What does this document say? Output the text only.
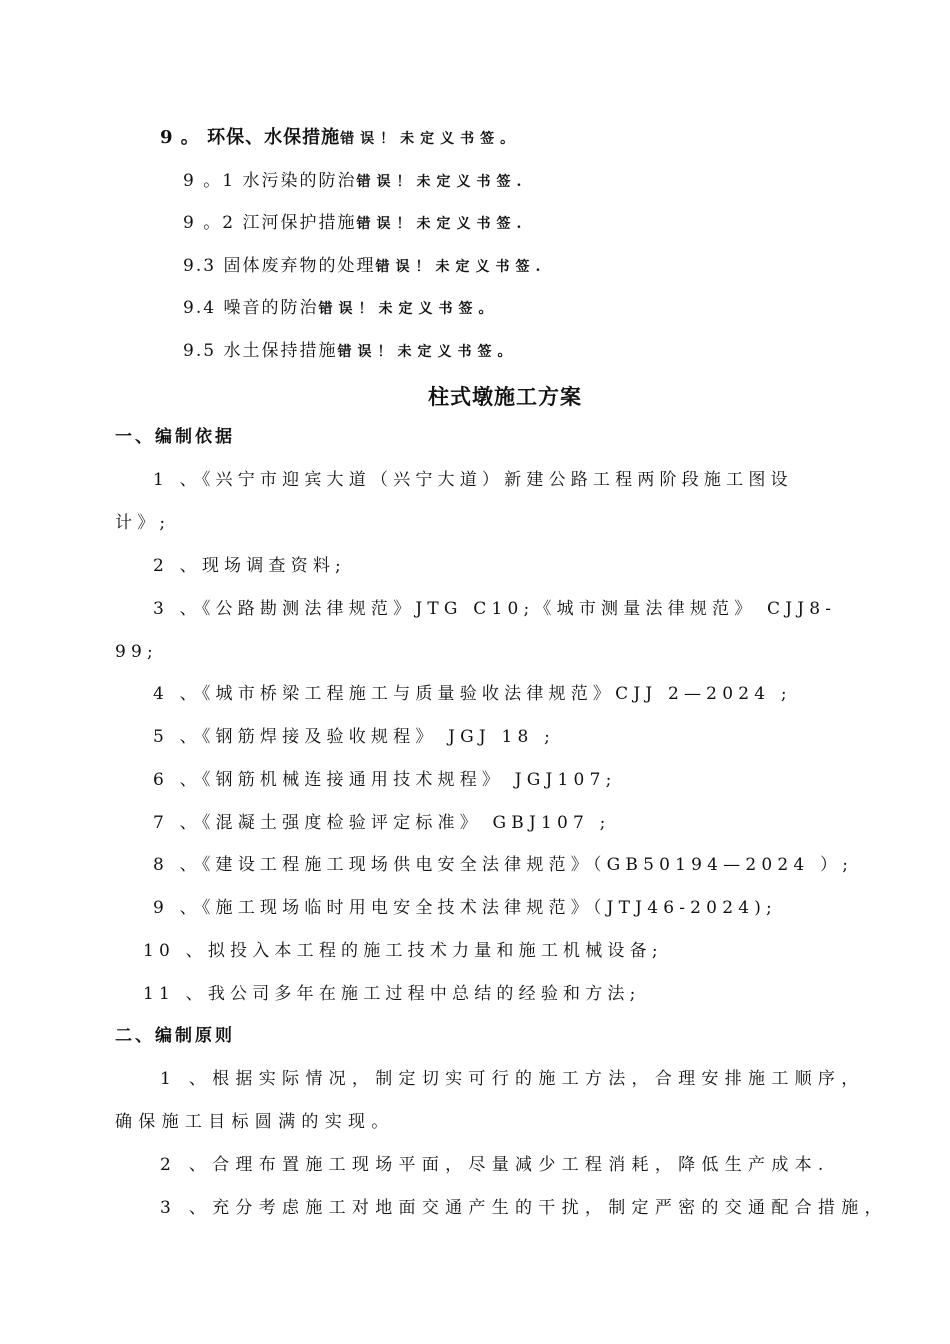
9 。 环保、水保措施错误！未定义书签。
9 。1 水污染的防治错误！未定义书签.
9 。2 江河保护措施错误！未定义书签.
9.3 固体废弃物的处理错误！未定义书签.
9.4 噪音的防治错误！未定义书签。
9.5 水土保持措施错误！未定义书签。
柱式墩施工方案
一、编制依据
1 、《兴宁市迎宾大道（兴宁大道）新建公路工程两阶段施工图设
计》;
2 、现场调查资料;
3 、《公路勘测法律规范》JTG C10;《城市测量法律规范》 CJJ8-
99;
4 、《城市桥梁工程施工与质量验收法律规范》CJJ 2—2024 ;
5 、《钢筋焊接及验收规程》 JGJ 18 ;
6 、《钢筋机械连接通用技术规程》 JGJ107;
7 、《混凝土强度检验评定标准》 GBJ107 ;
8 、《建设工程施工现场供电安全法律规范》（GB50194—2024 ）;
9 、《施工现场临时用电安全技术法律规范》（JTJ46-2024);
10 、拟投入本工程的施工技术力量和施工机械设备;
11 、我公司多年在施工过程中总结的经验和方法;
二、编制原则
1 、根据实际情况，制定切实可行的施工方法，合理安排施工顺序，
确保施工目标圆满的实现。
2 、合理布置施工现场平面，尽量减少工程消耗，降低生产成本.
3 、充分考虑施工对地面交通产生的干扰，制定严密的交通配合措施，
